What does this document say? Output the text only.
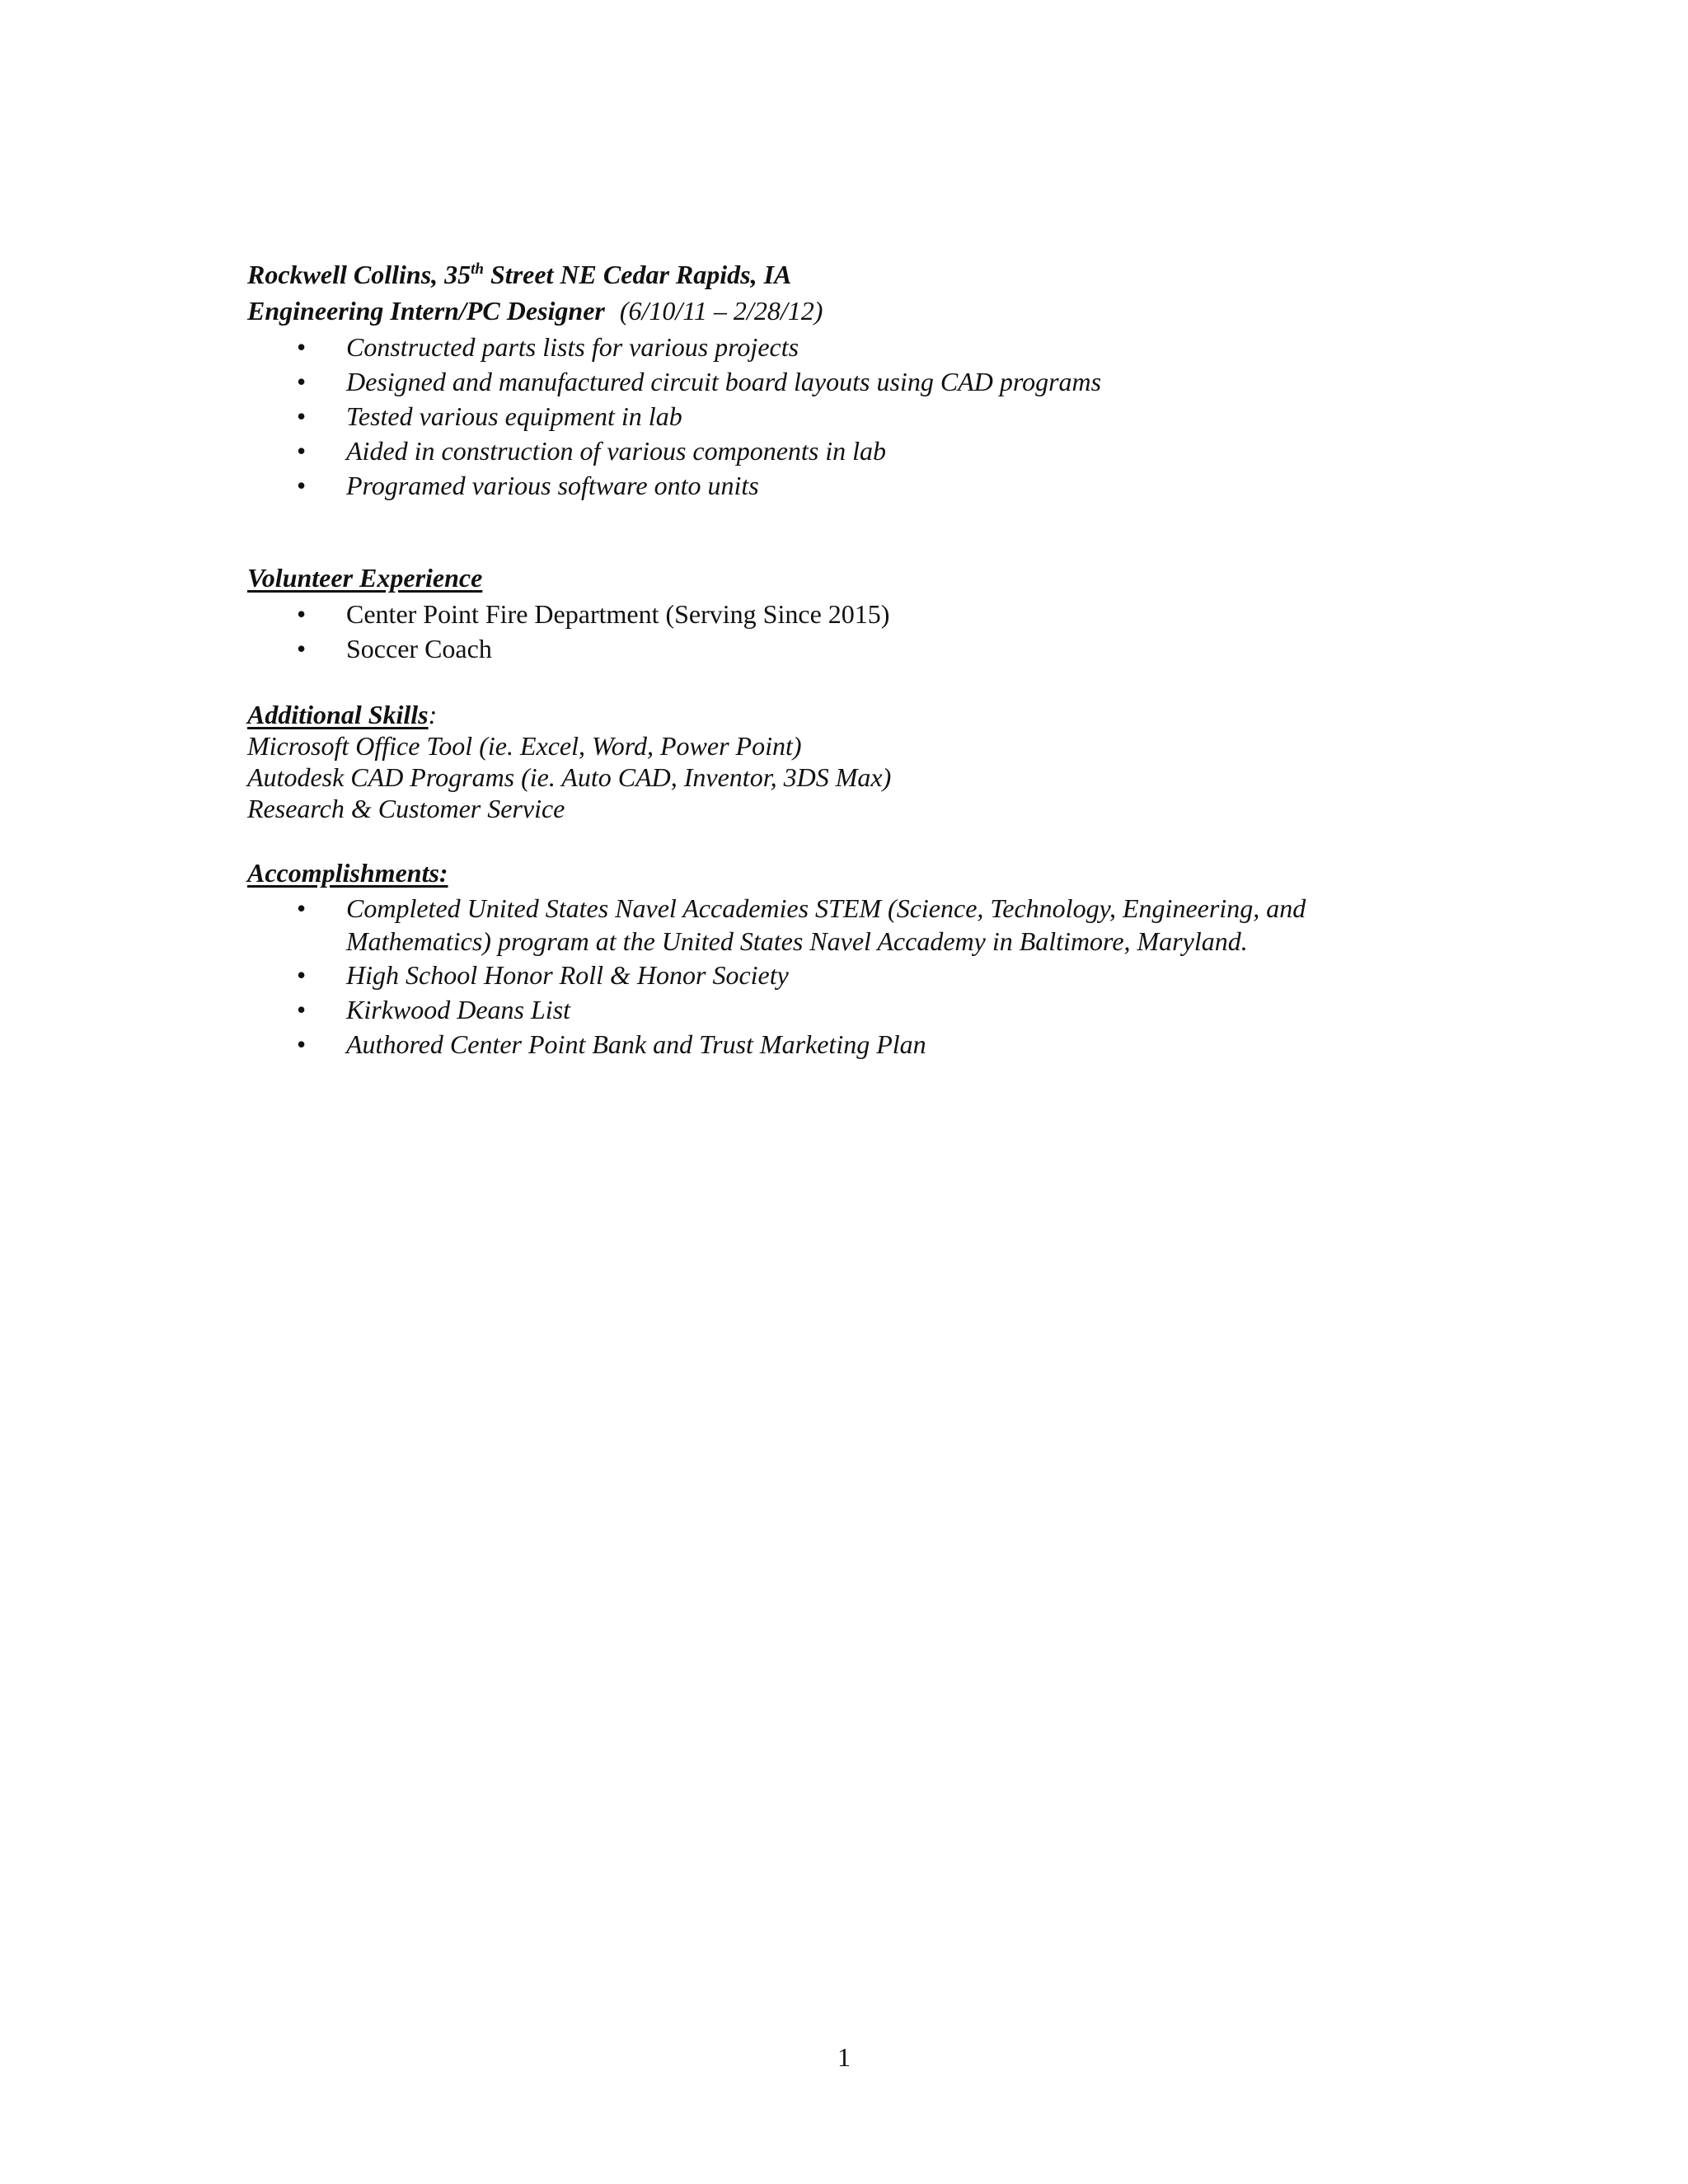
Rockwell Collins, 35th Street NE Cedar Rapids, IA
Engineering Intern/PC Designer (6/10/11 – 2/28/12)
• Constructed parts lists for various projects
• Designed and manufactured circuit board layouts using CAD programs
• Tested various equipment in lab
• Aided in construction of various components in lab
• Programed various software onto units
Volunteer Experience
• Center Point Fire Department (Serving Since 2015)
• Soccer Coach
Additional Skills:
Microsoft Office Tool (ie. Excel, Word, Power Point)
Autodesk CAD Programs (ie. Auto CAD, Inventor, 3DS Max)
Research & Customer Service
Accomplishments:
• Completed United States Navel Accademies STEM (Science, Technology, Engineering, and Mathematics) program at the United States Navel Accademy in Baltimore, Maryland.
• High School Honor Roll & Honor Society
• Kirkwood Deans List
• Authored Center Point Bank and Trust Marketing Plan
1
